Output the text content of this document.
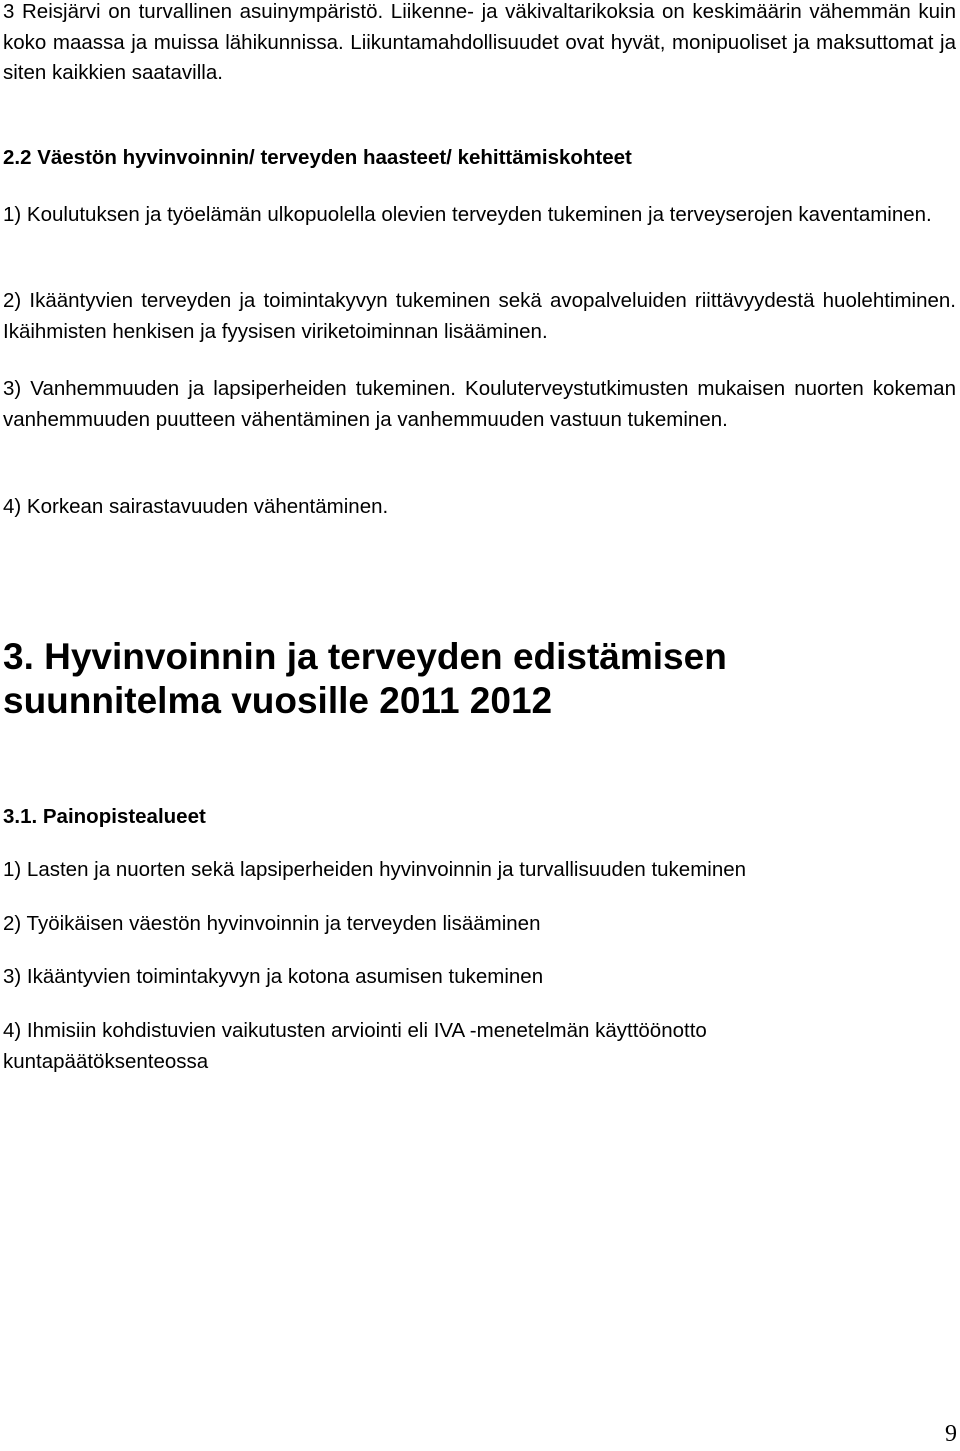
3 Reisjärvi on turvallinen asuinympäristö. Liikenne- ja väkivaltarikoksia on keskimäärin vähemmän kuin koko maassa ja muissa lähikunnissa. Liikuntamahdollisuudet ovat hyvät, monipuoliset ja maksuttomat ja siten kaikkien saatavilla.

2.2 Väestön hyvinvoinnin/ terveyden haasteet/ kehittämiskohteet

1) Koulutuksen ja työelämän ulkopuolella olevien terveyden tukeminen ja terveyserojen kaventaminen.

2) Ikääntyvien terveyden ja toimintakyvyn tukeminen sekä avopalveluiden riittävyydestä huolehtiminen. Ikäihmisten henkisen ja fyysisen viriketoiminnan lisääminen.

3) Vanhemmuuden ja lapsiperheiden tukeminen. Kouluterveystutkimusten mukaisen nuorten kokeman vanhemmuuden puutteen vähentäminen ja vanhemmuuden vastuun tukeminen.

4) Korkean sairastavuuden vähentäminen.

3. Hyvinvoinnin ja terveyden edistämisen
suunnitelma vuosille 2011 2012
3.1. Painopistealueet

1) Lasten ja nuorten sekä lapsiperheiden hyvinvoinnin ja turvallisuuden tukeminen

2) Työikäisen väestön hyvinvoinnin ja terveyden lisääminen

3) Ikääntyvien toimintakyvyn ja kotona asumisen tukeminen

4) Ihmisiin kohdistuvien vaikutusten arviointi eli IVA -menetelmän käyttöönotto kuntapäätöksenteossa

9
